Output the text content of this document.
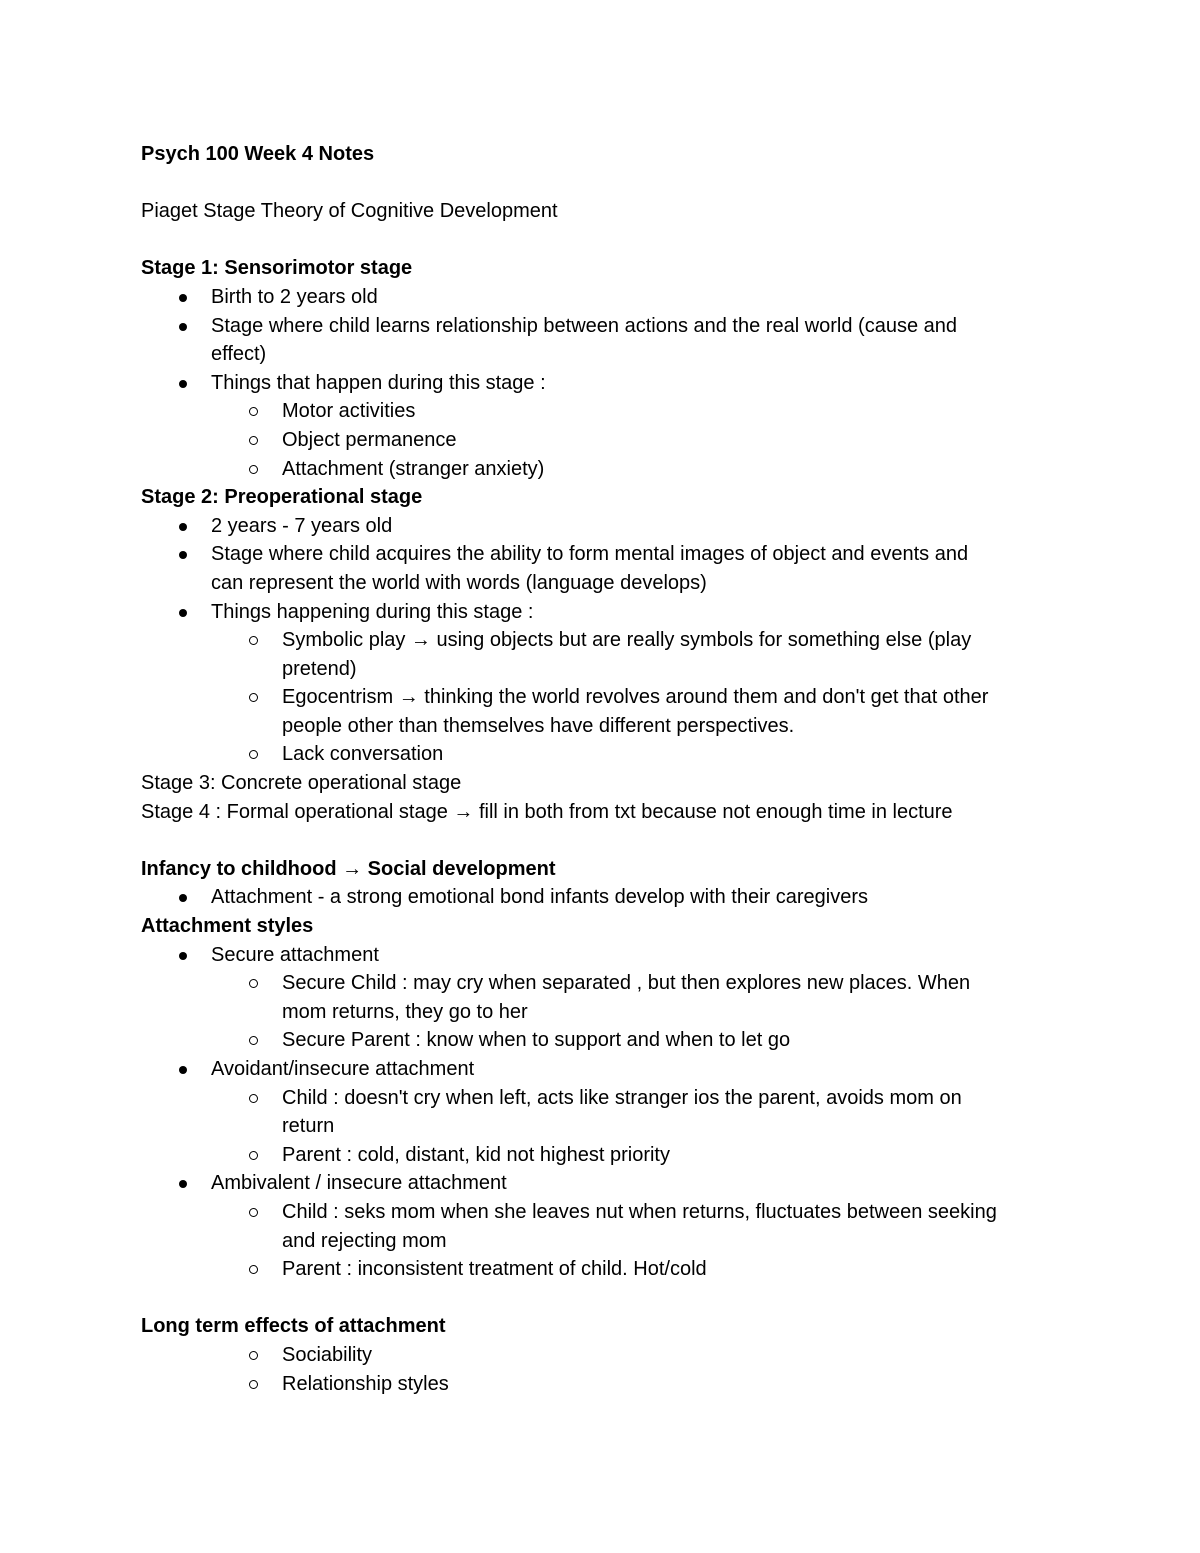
Psych 100 Week 4 Notes
Piaget Stage Theory of Cognitive Development
Stage 1: Sensorimotor stage
Birth to 2 years old
Stage where child learns relationship between actions and the real world (cause and
effect)
Things that happen during this stage :
Motor activities
Object permanence
Attachment (stranger anxiety)
Stage 2: Preoperational stage
2 years - 7 years old
Stage where child acquires the ability to form mental images of object and events and
can represent the world with words (language develops)
Things happening during this stage :
Symbolic play → using objects but are really symbols for something else (play
pretend)
Egocentrism → thinking the world revolves around them and don't get that other
people other than themselves have different perspectives.
Lack conversation
Stage 3: Concrete operational stage
Stage 4 : Formal operational stage → fill in both from txt because not enough time in lecture
Infancy to childhood → Social development
Attachment - a strong emotional bond infants develop with their caregivers
Attachment styles
Secure attachment
Secure Child : may cry when separated , but then explores new places. When
mom returns, they go to her
Secure Parent : know when to support and when to let go
Avoidant/insecure attachment
Child : doesn't cry when left, acts like stranger ios the parent, avoids mom on
return
Parent : cold, distant, kid not highest priority
Ambivalent / insecure attachment
Child : seks mom when she leaves nut when returns, fluctuates between seeking
and rejecting mom
Parent : inconsistent treatment of child. Hot/cold
Long term effects of attachment
Sociability
Relationship styles
